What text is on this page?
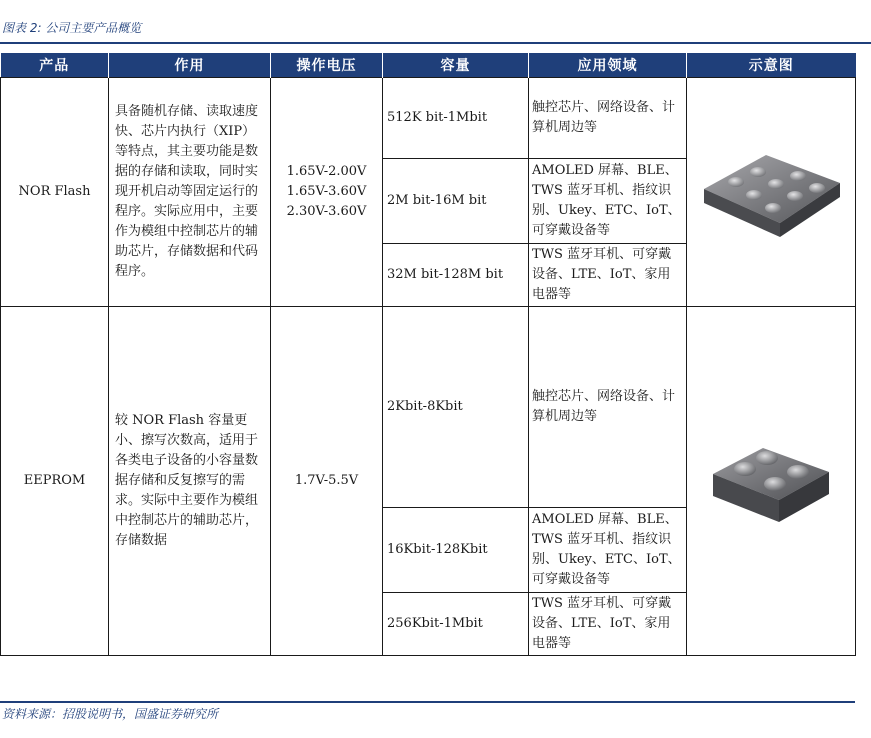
图表 2: 公司主要产品概览
产品	作用	操作电压	容量	应用领域	示意图
NOR Flash	具备随机存储、读取速度快、芯片内执行（XIP）等特点，其主要功能是数据的存储和读取，同时实现开机启动等固定运行的程序。实际应用中，主要作为模组中控制芯片的辅助芯片，存储数据和代码程序。	1.65V-2.00V
1.65V-3.60V
2.30V-3.60V	512K bit-1Mbit	触控芯片、网络设备、计算机周边等	

			2M bit-16M bit	AMOLED 屏幕、BLE、TWS 蓝牙耳机、指纹识别、Ukey、ETC、IoT、可穿戴设备等	
			32M bit-128M bit	TWS 蓝牙耳机、可穿戴设备、LTE、IoT、家用电器等	
EEPROM	较 NOR Flash 容量更小、擦写次数高，适用于各类电子设备的小容量数据存储和反复擦写的需求。实际中主要作为模组中控制芯片的辅助芯片，存储数据	1.7V-5.5V	2Kbit-8Kbit	触控芯片、网络设备、计算机周边等	

			16Kbit-128Kbit	AMOLED 屏幕、BLE、TWS 蓝牙耳机、指纹识别、Ukey、ETC、IoT、可穿戴设备等	
			256Kbit-1Mbit	TWS 蓝牙耳机、可穿戴设备、LTE、IoT、家用电器等	
资料来源：招股说明书，国盛证券研究所
